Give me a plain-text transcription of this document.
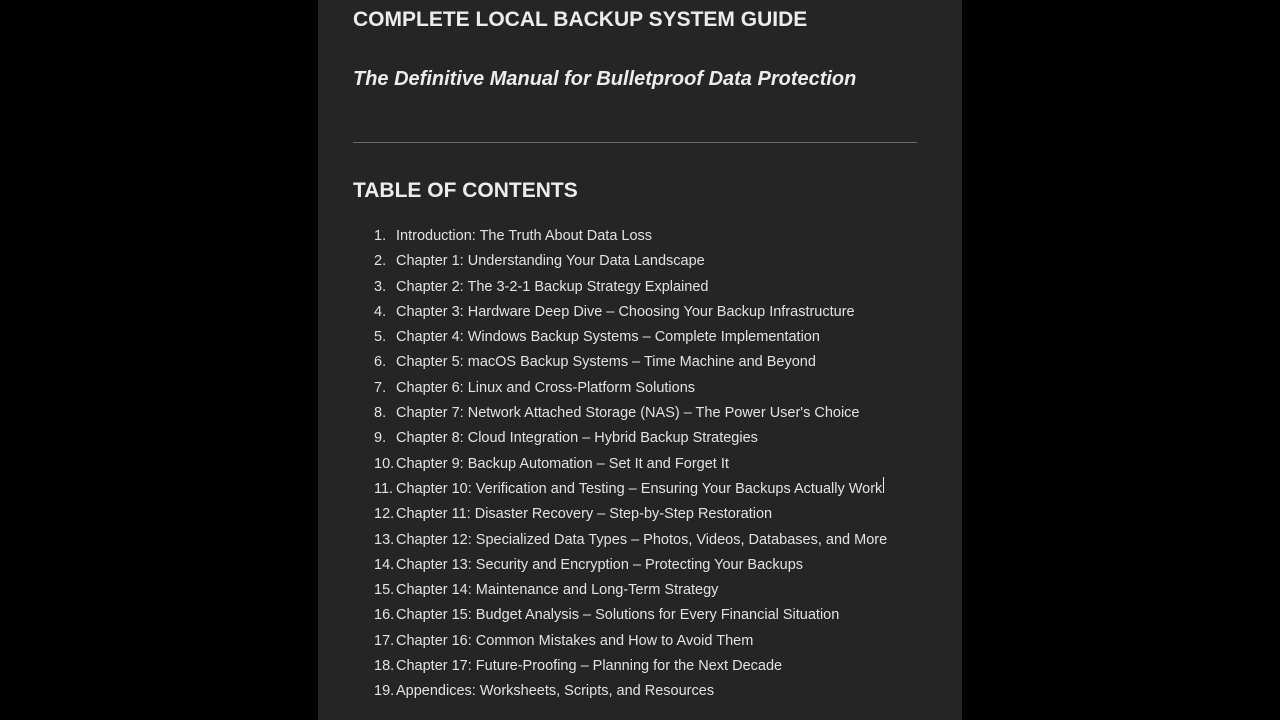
COMPLETE LOCAL BACKUP SYSTEM GUIDE
The Definitive Manual for Bulletproof Data Protection
TABLE OF CONTENTS
1. Introduction: The Truth About Data Loss
2. Chapter 1: Understanding Your Data Landscape
3. Chapter 2: The 3-2-1 Backup Strategy Explained
4. Chapter 3: Hardware Deep Dive – Choosing Your Backup Infrastructure
5. Chapter 4: Windows Backup Systems – Complete Implementation
6. Chapter 5: macOS Backup Systems – Time Machine and Beyond
7. Chapter 6: Linux and Cross-Platform Solutions
8. Chapter 7: Network Attached Storage (NAS) – The Power User's Choice
9. Chapter 8: Cloud Integration – Hybrid Backup Strategies
10. Chapter 9: Backup Automation – Set It and Forget It
11. Chapter 10: Verification and Testing – Ensuring Your Backups Actually Work
12. Chapter 11: Disaster Recovery – Step-by-Step Restoration
13. Chapter 12: Specialized Data Types – Photos, Videos, Databases, and More
14. Chapter 13: Security and Encryption – Protecting Your Backups
15. Chapter 14: Maintenance and Long-Term Strategy
16. Chapter 15: Budget Analysis – Solutions for Every Financial Situation
17. Chapter 16: Common Mistakes and How to Avoid Them
18. Chapter 17: Future-Proofing – Planning for the Next Decade
19. Appendices: Worksheets, Scripts, and Resources
